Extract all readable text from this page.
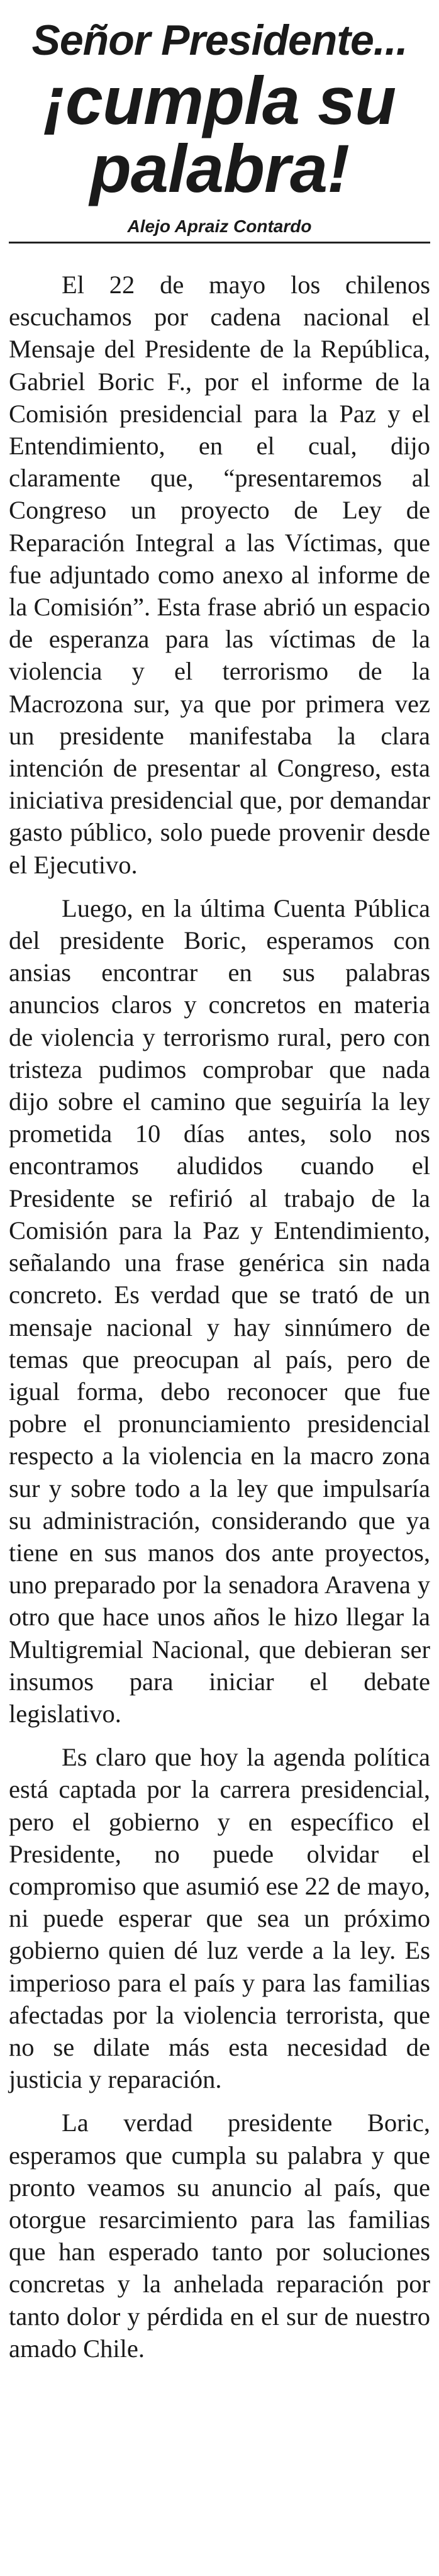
Señor Presidente...
¡cumpla su
palabra!
Alejo Apraiz Contardo

El 22 de mayo los chilenos escuchamos por cadena nacional el Mensaje del Presidente de la República, Gabriel Boric F., por el informe de la Comisión presidencial para la Paz y el Entendimiento, en el cual, dijo claramente que, “presentaremos al Congreso un proyecto de Ley de Reparación Integral a las Víctimas, que fue adjuntado como anexo al informe de la Comisión”. Esta frase abrió un espacio de esperanza para las víctimas de la violencia y el terrorismo de la Macrozona sur, ya que por primera vez un presidente manifestaba la clara intención de presentar al Congreso, esta iniciativa presidencial que, por demandar gasto público, solo puede provenir desde el Ejecutivo.

Luego, en la última Cuenta Pública del presidente Boric, esperamos con ansias encontrar en sus palabras anuncios claros y concretos en materia de violencia y terrorismo rural, pero con tristeza pudimos comprobar que nada dijo sobre el camino que seguiría la ley prometida 10 días antes, solo nos encontramos aludidos cuando el Presidente se refirió al trabajo de la Comisión para la Paz y Entendimiento, señalando una frase genérica sin nada concreto. Es verdad que se trató de un mensaje nacional y hay sinnúmero de temas que preocupan al país, pero de igual forma, debo reconocer que fue pobre el pronunciamiento presidencial respecto a la violencia en la macro zona sur y sobre todo a la ley que impulsaría su administración, considerando que ya tiene en sus manos dos ante proyectos, uno preparado por la senadora Aravena y otro que hace unos años le hizo llegar la Multigremial Nacional, que debieran ser insumos para iniciar el debate legislativo.

Es claro que hoy la agenda política está captada por la carrera presidencial, pero el gobierno y en específico el Presidente, no puede olvidar el compromiso que asumió ese 22 de mayo, ni puede esperar que sea un próximo gobierno quien dé luz verde a la ley. Es imperioso para el país y para las familias afectadas por la violencia terrorista, que no se dilate más esta necesidad de justicia y reparación.

La verdad presidente Boric, esperamos que cumpla su palabra y que pronto veamos su anuncio al país, que otorgue resarcimiento para las familias que han esperado tanto por soluciones concretas y la anhelada reparación por tanto dolor y pérdida en el sur de nuestro amado Chile.
